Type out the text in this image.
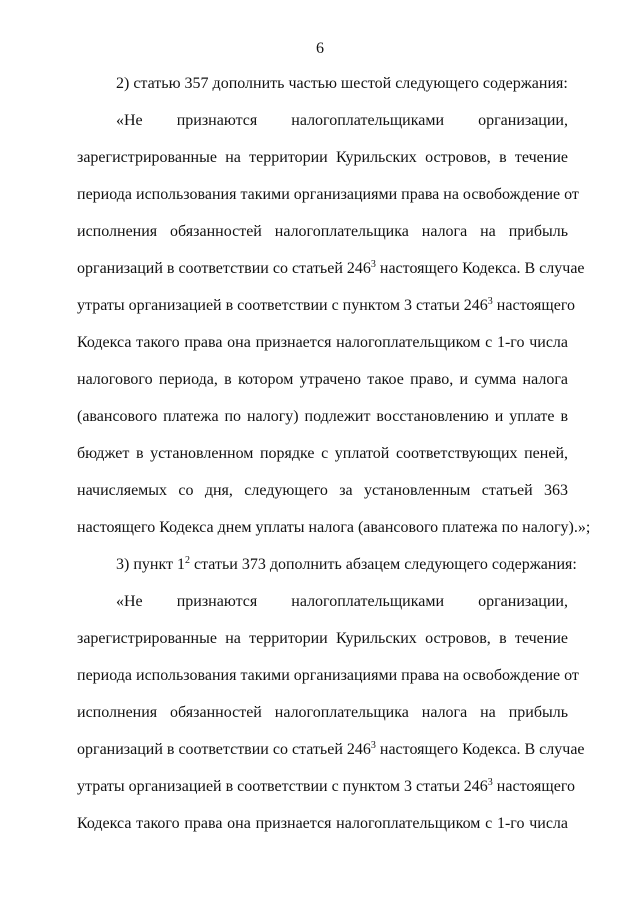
6
2) статью 357 дополнить частью шестой следующего содержания:
«Не признаются налогоплательщиками организации,
зарегистрированные на территории Курильских островов, в течение
периода использования такими организациями права на освобождение от
исполнения обязанностей налогоплательщика налога на прибыль
организаций в соответствии со статьей $246^3$ настоящего Кодекса. В случае
утраты организацией в соответствии с пунктом 3 статьи $246^3$ настоящего
Кодекса такого права она признается налогоплательщиком с 1-го числа
налогового периода, в котором утрачено такое право, и сумма налога
(авансового платежа по налогу) подлежит восстановлению и уплате в
бюджет в установленном порядке с уплатой соответствующих пеней,
начисляемых со дня, следующего за установленным статьей 363
настоящего Кодекса днем уплаты налога (авансового платежа по налогу).»;
3) пункт $1^2$ статьи 373 дополнить абзацем следующего содержания:
«Не признаются налогоплательщиками организации,
зарегистрированные на территории Курильских островов, в течение
периода использования такими организациями права на освобождение от
исполнения обязанностей налогоплательщика налога на прибыль
организаций в соответствии со статьей $246^3$ настоящего Кодекса. В случае
утраты организацией в соответствии с пунктом 3 статьи $246^3$ настоящего
Кодекса такого права она признается налогоплательщиком с 1-го числа
